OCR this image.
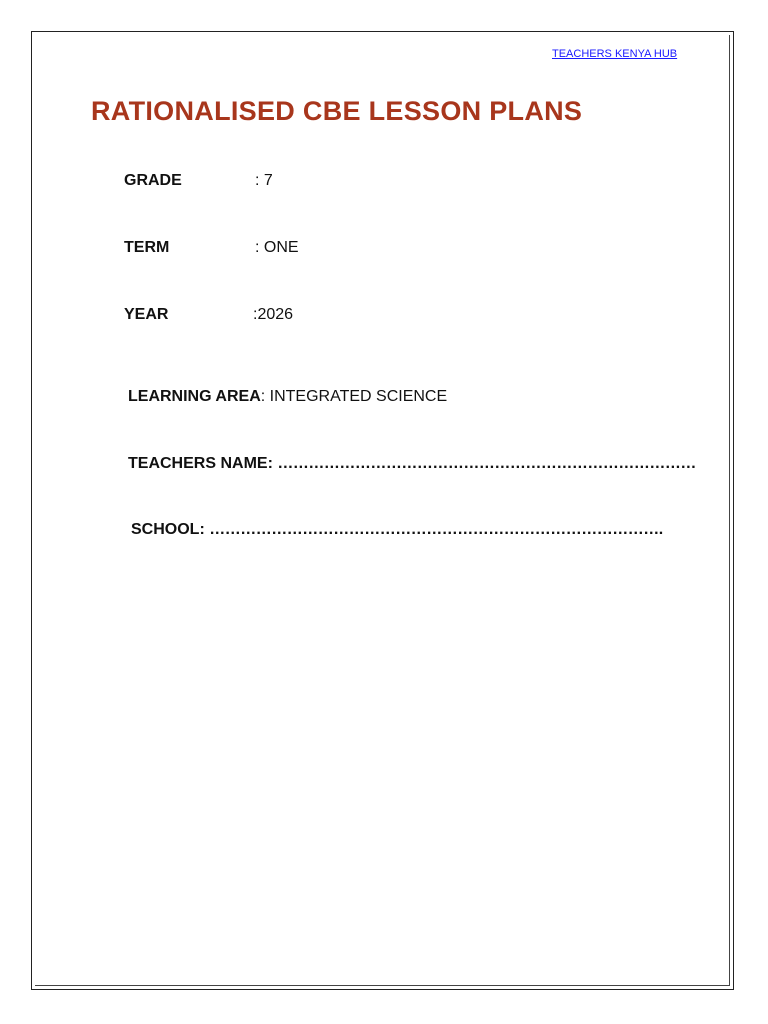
TEACHERS KENYA HUB
RATIONALISED CBE LESSON PLANS
GRADE	: 7
TERM	: ONE
YEAR	:2026
LEARNING AREA: INTEGRATED SCIENCE
TEACHERS NAME: ………………………………………………………………………
SCHOOL: …………………………………………………………………………….
